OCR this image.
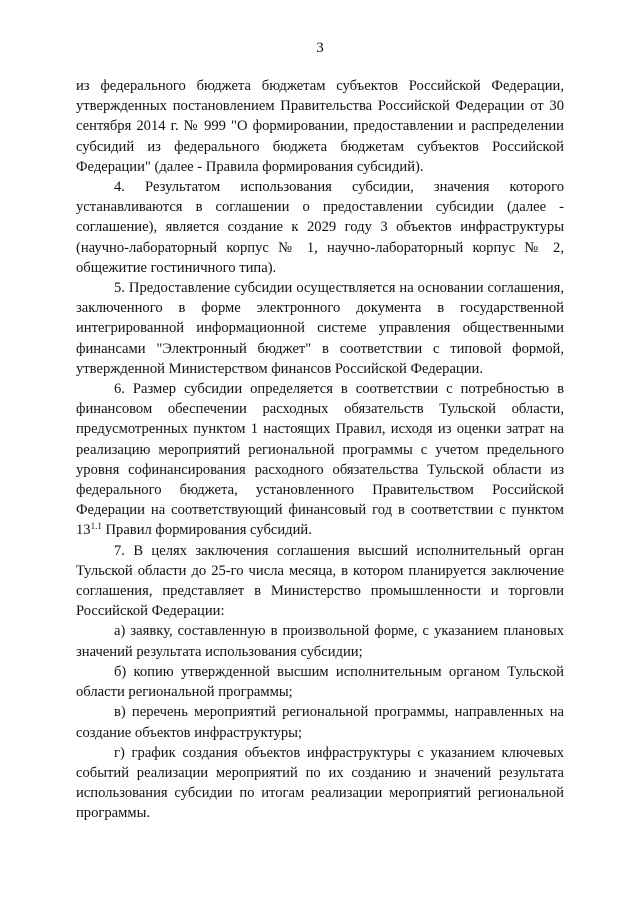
3

из федерального бюджета бюджетам субъектов Российской Федерации, утвержденных постановлением Правительства Российской Федерации от 30 сентября 2014 г. № 999 "О формировании, предоставлении и распределении субсидий из федерального бюджета бюджетам субъектов Российской Федерации" (далее - Правила формирования субсидий).

4. Результатом использования субсидии, значения которого устанавливаются в соглашении о предоставлении субсидии (далее - соглашение), является создание к 2029 году 3 объектов инфраструктуры (научно-лабораторный корпус № 1, научно-лабораторный корпус № 2, общежитие гостиничного типа).

5. Предоставление субсидии осуществляется на основании соглашения, заключенного в форме электронного документа в государственной интегрированной информационной системе управления общественными финансами "Электронный бюджет" в соответствии с типовой формой, утвержденной Министерством финансов Российской Федерации.

6. Размер субсидии определяется в соответствии с потребностью в финансовом обеспечении расходных обязательств Тульской области, предусмотренных пунктом 1 настоящих Правил, исходя из оценки затрат на реализацию мероприятий региональной программы с учетом предельного уровня софинансирования расходного обязательства Тульской области из федерального бюджета, установленного Правительством Российской Федерации на соответствующий финансовый год в соответствии с пунктом $13^{1.1}$ Правил формирования субсидий.

7. В целях заключения соглашения высший исполнительный орган Тульской области до 25-го числа месяца, в котором планируется заключение соглашения, представляет в Министерство промышленности и торговли Российской Федерации:

а) заявку, составленную в произвольной форме, с указанием плановых значений результата использования субсидии;

б) копию утвержденной высшим исполнительным органом Тульской области региональной программы;

в) перечень мероприятий региональной программы, направленных на создание объектов инфраструктуры;

г) график создания объектов инфраструктуры с указанием ключевых событий реализации мероприятий по их созданию и значений результата использования субсидии по итогам реализации мероприятий региональной программы.
